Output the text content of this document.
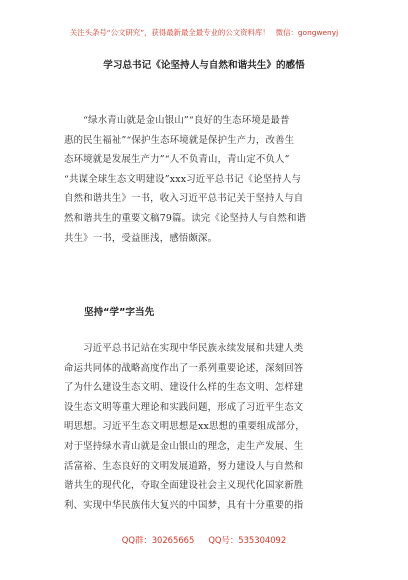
关注头条号“公文研究”，获得最新最全最专业的公文资料库！ 微信：gongwenyj
学习总书记《论坚持人与自然和谐共生》的感悟
　　“绿水青山就是金山银山”“良好的生态环境是最普
惠的民生福祉”“保护生态环境就是保护生产力，改善生
态环境就是发展生产力”“人不负青山，青山定不负人”
“共谋全球生态文明建设”xxx习近平总书记《论坚持人与
自然和谐共生》一书，收入习近平总书记关于坚持人与自
然和谐共生的重要文稿79篇。读完《论坚持人与自然和谐
共生》一书，受益匪浅，感悟颇深。
坚持“学”字当先
　　习近平总书记站在实现中华民族永续发展和共建人类
命运共同体的战略高度作出了一系列重要论述，深刻回答
了为什么建设生态文明、建设什么样的生态文明、怎样建
设生态文明等重大理论和实践问题，形成了习近平生态文
明思想。习近平生态文明思想是xx思想的重要组成部分，
对于坚持绿水青山就是金山银山的理念，走生产发展、生
活富裕、生态良好的文明发展道路，努力建设人与自然和
谐共生的现代化，夺取全面建设社会主义现代化国家新胜
利、实现中华民族伟大复兴的中国梦，具有十分重要的指
QQ群：30265665 QQ号：535304092
